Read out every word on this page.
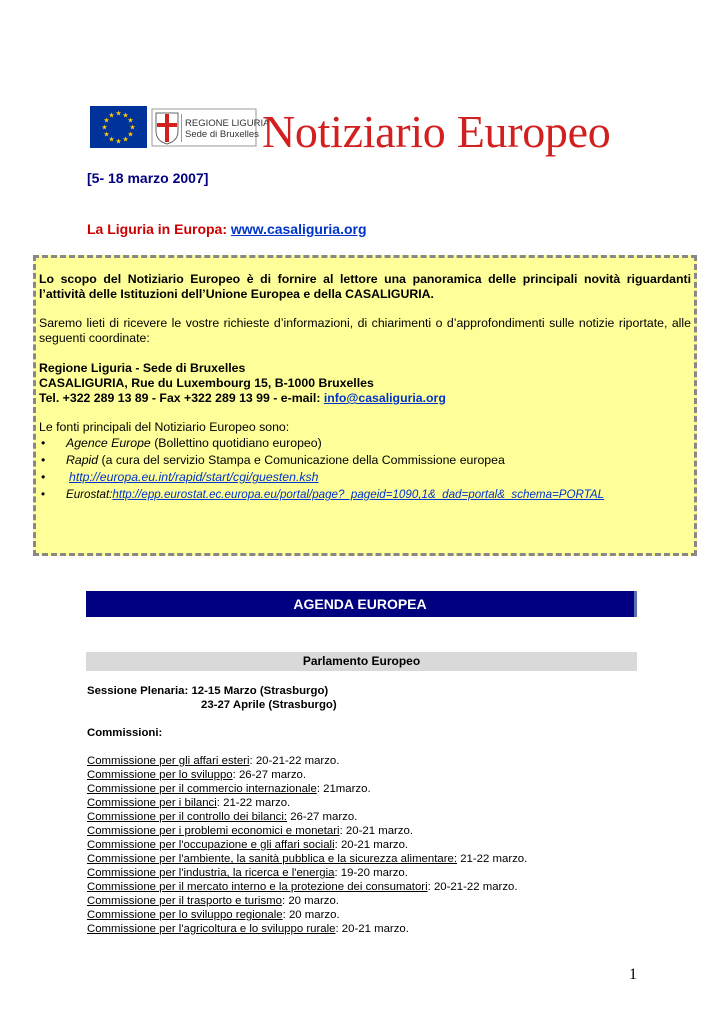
★ ★
★
★
★
★
★
★
★
★
★
★
REGIONE LIGURIA
Sede di Bruxelles Notiziario Europeo
[5- 18 marzo 2007]
La Liguria in Europa: www.casaliguria.org

Lo scopo del Notiziario Europeo è di fornire al lettore una panoramica delle principali novità riguardanti l’attività delle Istituzioni dell’Unione Europea e della CASALIGURIA.

Saremo lieti di ricevere le vostre richieste d’informazioni, di chiarimenti o d’approfondimenti sulle notizie riportate, alle seguenti coordinate:

Regione Liguria - Sede di Bruxelles

CASALIGURIA, Rue du Luxembourg 15, B-1000 Bruxelles

Tel. +322 289 13 89 - Fax +322 289 13 99 - e-mail: info@casaliguria.org

Le fonti principali del Notiziario Europeo sono:

• Agence Europe (Bollettino quotidiano europeo)
• Rapid (a cura del servizio Stampa e Comunicazione della Commissione europea
• http://europa.eu.int/rapid/start/cgi/guesten.ksh
• Eurostat:http://epp.eurostat.ec.europa.eu/portal/page?_pageid=1090,1&_dad=portal&_schema=PORTAL
AGENDA EUROPEA
Parlamento Europeo
Sessione Plenaria: 12-15 Marzo (Strasburgo)
23-27 Aprile (Strasburgo)
Commissioni:
Commissione per gli affari esteri: 20-21-22 marzo.
Commissione per lo sviluppo: 26-27 marzo.
Commissione per il commercio internazionale: 21marzo.
Commissione per i bilanci: 21-22 marzo.
Commissione per il controllo dei bilanci: 26-27 marzo.
Commissione per i problemi economici e monetari: 20-21 marzo.
Commissione per l'occupazione e gli affari sociali: 20-21 marzo.
Commissione per l'ambiente, la sanità pubblica e la sicurezza alimentare: 21-22 marzo.
Commissione per l'industria, la ricerca e l'energia: 19-20 marzo.
Commissione per il mercato interno e la protezione dei consumatori: 20-21-22 marzo.
Commissione per il trasporto e turismo: 20 marzo.
Commissione per lo sviluppo regionale: 20 marzo.
Commissione per l'agricoltura e lo sviluppo rurale: 20-21 marzo.
1
